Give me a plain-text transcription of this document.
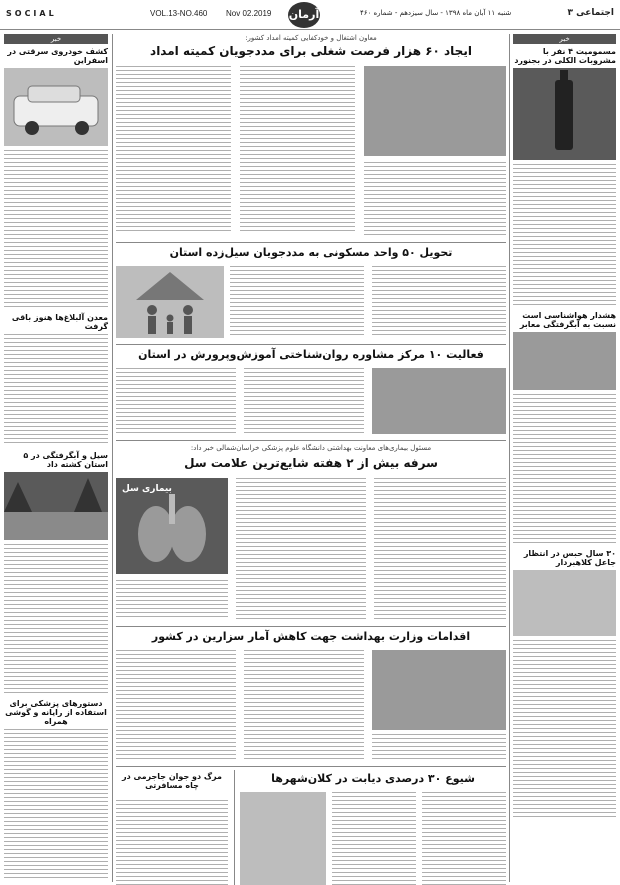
SOCIAL	VOL.13-NO.460 Nov 02.2019 آرمان	شنبه ۱۱ آبان ماه ۱۳۹۸ - سال سیزدهم - شماره ۴۶۰	اجتماعی ۳
خبر
کشف خودروی سرقتی در اسفراین
معدن آلبلاغ‌ها هنوز باقی گرفت
سیل و آبگرفتگی در ۵ استان کشته داد
دستورهای پزشکی برای استفاده از رایانه و گوشی همراه
خبر
مسمومیت ۴ نفر با مشروبات الکلی در بجنورد
هشدار هواشناسی است نسبت به آبگرفتگی معابر
۳۰ سال حبس در انتظار جاعل کلاهبردار
معاون اشتغال و خودکفایی کمیته امداد کشور:
ایجاد ۶۰ هزار فرصت شغلی برای مددجویان کمیته امداد
تحویل ۵۰ واحد مسکونی به مددجویان سیل‌زده استان
فعالیت ۱۰ مرکز مشاوره روان‌شناختی آموزش‌وپرورش در استان
مسئول بیماری‌های معاونت بهداشتی دانشگاه علوم پزشکی خراسان‌شمالی خبر داد:
سرفه بیش از ۲ هفته شایع‌ترین علامت سل
بیماری سل
اقدامات وزارت بهداشت جهت کاهش آمار سزارین در کشور
مرگ دو جوان جاجرمی در چاه مسافرتی
شیوع ۳۰ درصدی دیابت در کلان‌شهرها
